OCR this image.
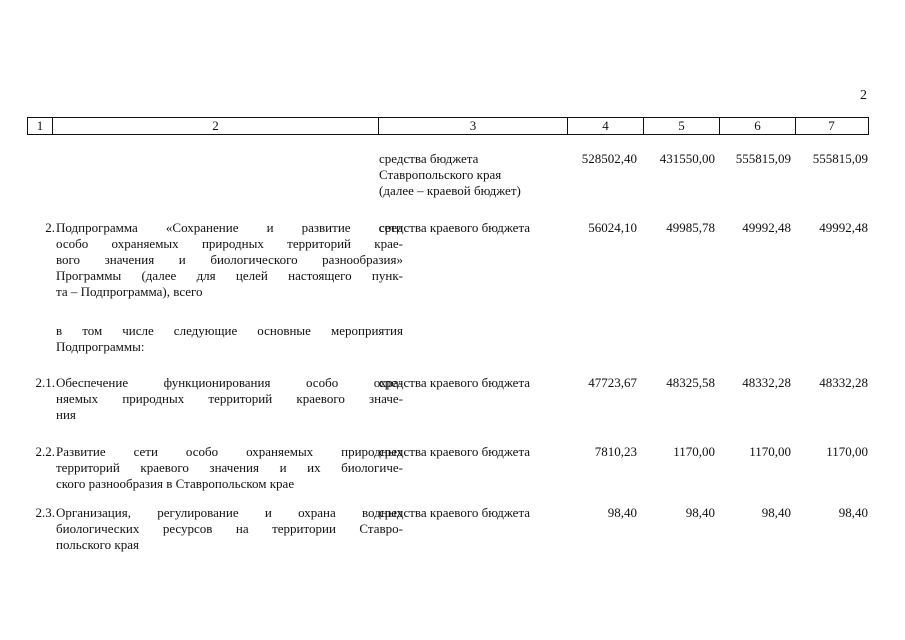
2
1	2	3	4	5	6	7
средства бюджета
Ставропольского края
(далее – краевой бюджет)
528502,40	431550,00	555815,09	555815,09
2. Подпрограмма «Сохранение и развитие сети
особо охраняемых природных территорий крае-
вого значения и биологического разнообразия»
Программы (далее для целей настоящего пунк-
та – Подпрограмма), всего
средства краевого бюджета	56024,10	49985,78	49992,48	49992,48
в том числе следующие основные мероприятия
Подпрограммы:
2.1. Обеспечение функционирования особо охра-
няемых природных территорий краевого значе-
ния
средства краевого бюджета	47723,67	48325,58	48332,28	48332,28
2.2. Развитие сети особо охраняемых природных
территорий краевого значения и их биологиче-
ского разнообразия в Ставропольском крае
средства краевого бюджета	7810,23	1170,00	1170,00	1170,00
2.3. Организация, регулирование и охрана водных
биологических ресурсов на территории Ставро-
польского края
средства краевого бюджета	98,40	98,40	98,40	98,40
